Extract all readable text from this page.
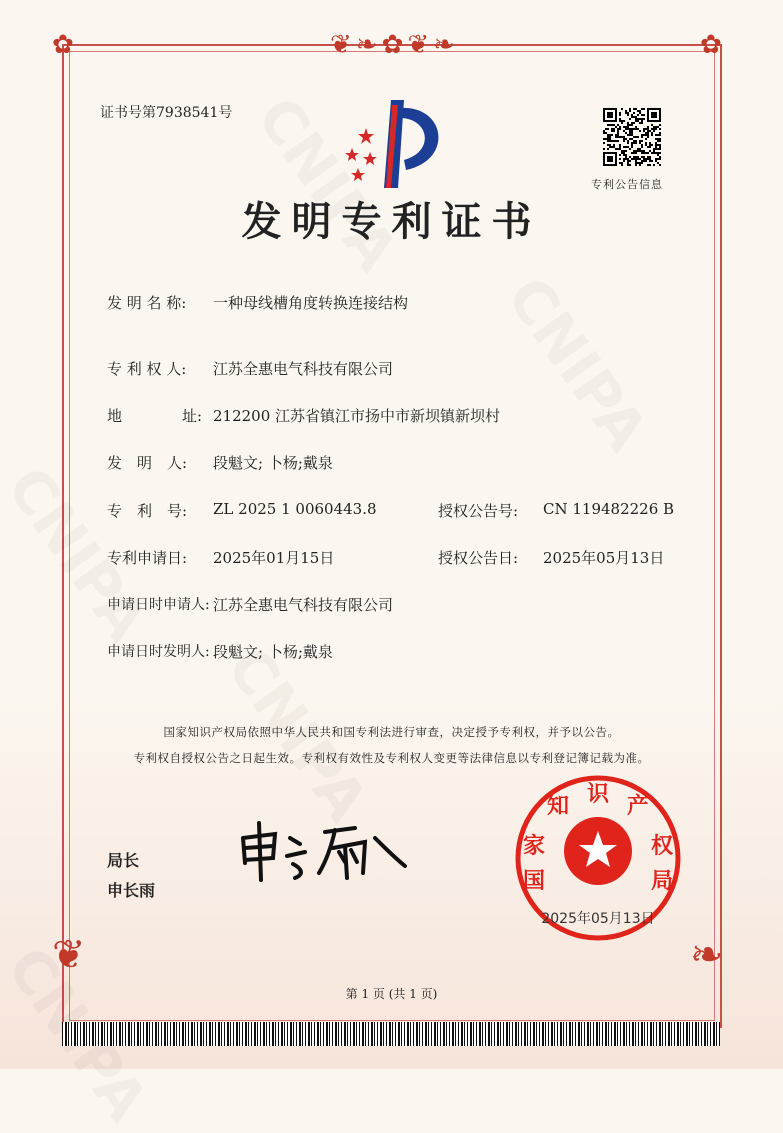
❦❧✿❦❧
❦	❧
✿	✿
证书号第7938541号
专利公告信息
发明专利证书
发 明 名 称:	一种母线槽角度转换连接结构
专 利 权 人:	江苏全惠电气科技有限公司
地	址: 212200 江苏省镇江市扬中市新坝镇新坝村
发　明　人:	段魁文; 卜杨;戴泉
专　利　号:	ZL 2025 1 0060443.8	授权公告号: CN 119482226 B
专利申请日:	2025年01月15日	授权公告日: 2025年05月13日
申请日时申请人: 江苏全惠电气科技有限公司
申请日时发明人: 段魁文; 卜杨;戴泉
国家知识产权局依照中华人民共和国专利法进行审查，决定授予专利权，并予以公告。
专利权自授权公告之日起生效。专利权有效性及专利权人变更等法律信息以专利登记簿记载为准。
局长
申长雨	国
家
知 识 产
权
局
2025年05月13日
第 1 页 (共 1 页)
